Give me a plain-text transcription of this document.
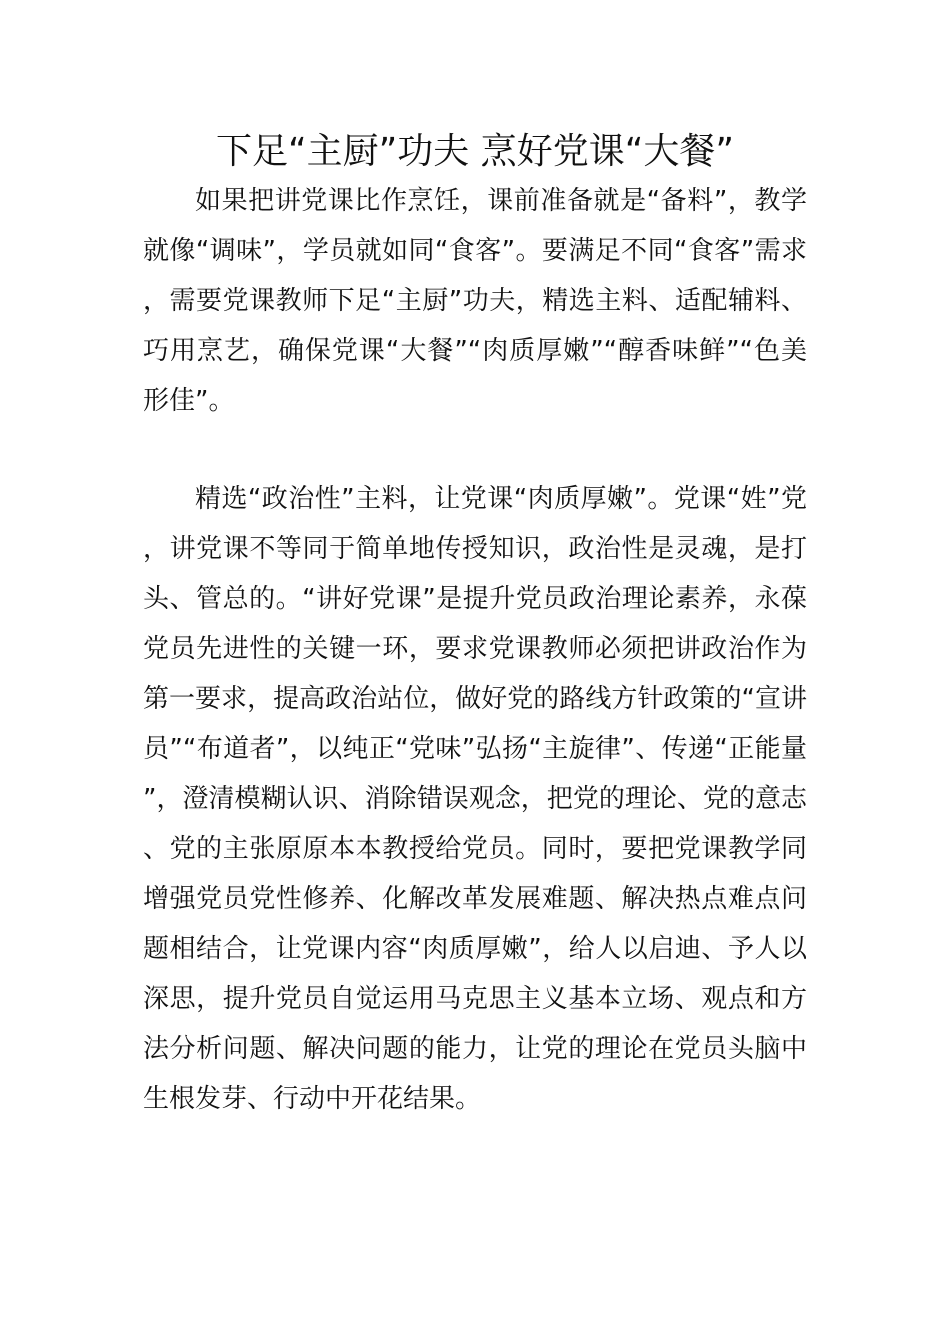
下足“主厨”功夫 烹好党课“大餐”

如果把讲党课比作烹饪，课前准备就是“备料”，教学就像“调味”，学员就如同“食客”。要满足不同“食客”需求，需要党课教师下足“主厨”功夫，精选主料、适配辅料、巧用烹艺，确保党课“大餐”“肉质厚嫩”“醇香味鲜”“色美形佳”。

精选“政治性”主料，让党课“肉质厚嫩”。党课“姓”党，讲党课不等同于简单地传授知识，政治性是灵魂，是打头、管总的。“讲好党课”是提升党员政治理论素养，永葆党员先进性的关键一环，要求党课教师必须把讲政治作为第一要求，提高政治站位，做好党的路线方针政策的“宣讲员”“布道者”，以纯正“党味”弘扬“主旋律”、传递“正能量”，澄清模糊认识、消除错误观念，把党的理论、党的意志、党的主张原原本本教授给党员。同时，要把党课教学同增强党员党性修养、化解改革发展难题、解决热点难点问题相结合，让党课内容“肉质厚嫩”，给人以启迪、予人以深思，提升党员自觉运用马克思主义基本立场、观点和方法分析问题、解决问题的能力，让党的理论在党员头脑中生根发芽、行动中开花结果。
